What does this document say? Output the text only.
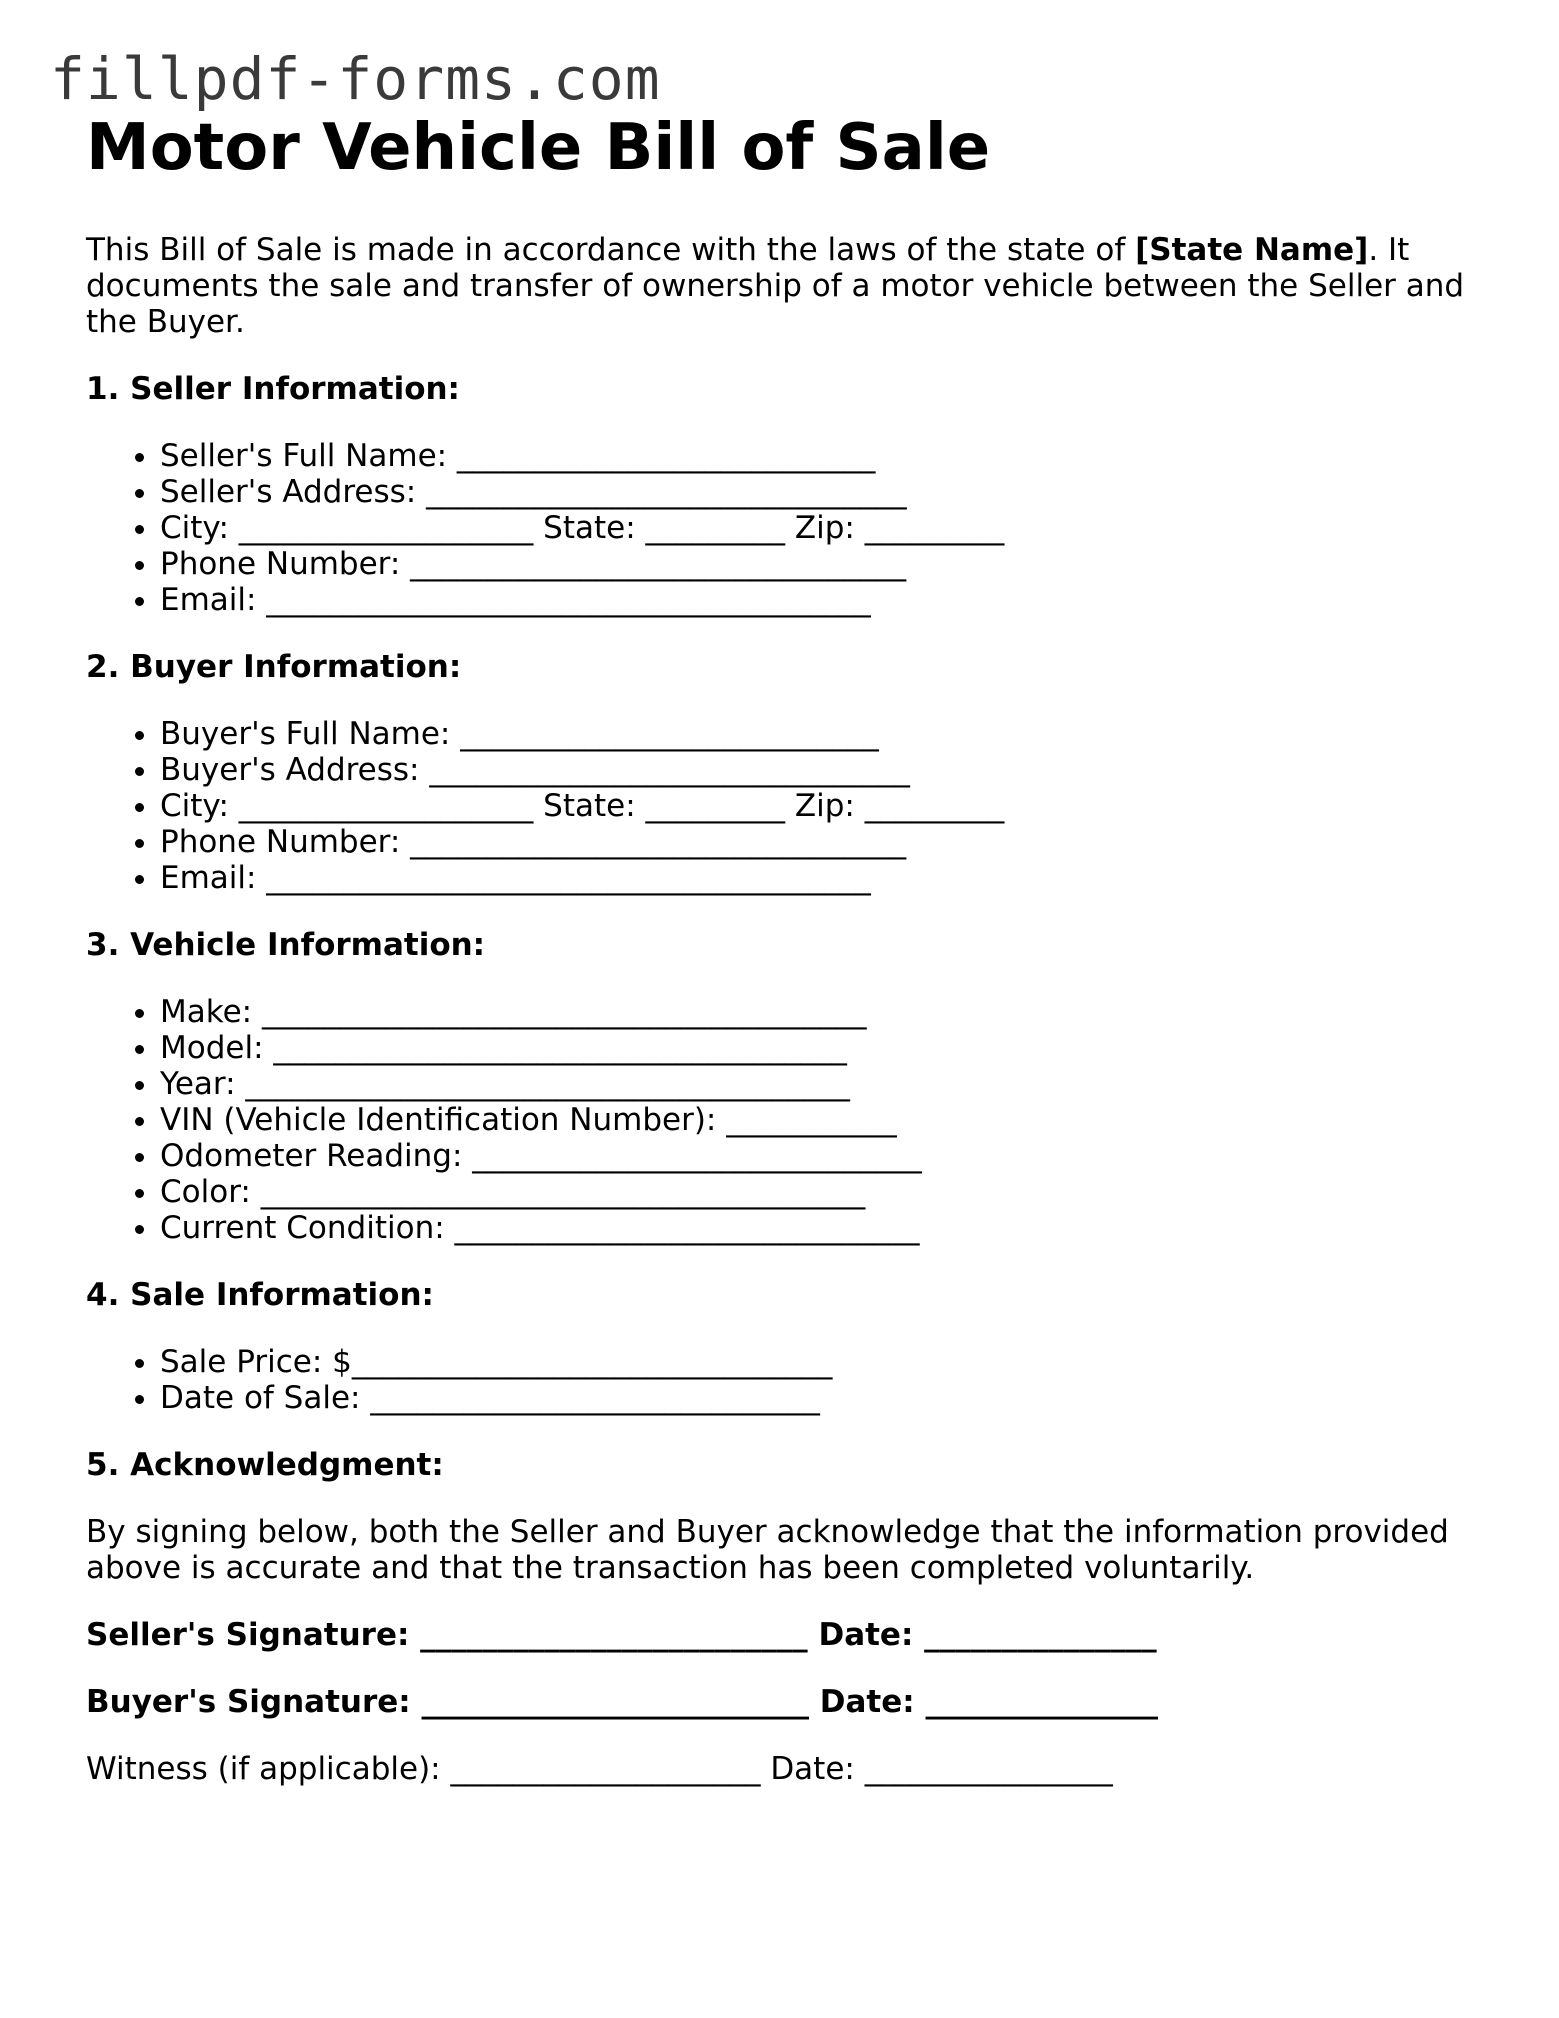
fillpdf-forms.com
Motor Vehicle Bill of Sale

This Bill of Sale is made in accordance with the laws of the state of [State Name]. It documents the sale and transfer of ownership of a motor vehicle between the Seller and the Buyer.

1. Seller Information:
• Seller's Full Name: ___________________________
• Seller's Address: _______________________________
• City: ___________________ State: _________ Zip: _________
• Phone Number: ________________________________
• Email: _______________________________________
2. Buyer Information:
• Buyer's Full Name: ___________________________
• Buyer's Address: _______________________________
• City: ___________________ State: _________ Zip: _________
• Phone Number: ________________________________
• Email: _______________________________________
3. Vehicle Information:
• Make: _______________________________________
• Model: _____________________________________
• Year: _______________________________________
• VIN (Vehicle Identification Number): ___________
• Odometer Reading: _____________________________
• Color: _______________________________________
• Current Condition: ______________________________
4. Sale Information:
• Sale Price: $_______________________________
• Date of Sale: _____________________________
5. Acknowledgment:

By signing below, both the Seller and Buyer acknowledge that the information provided above is accurate and that the transaction has been completed voluntarily.

Seller's Signature: _________________________ Date: _______________
Buyer's Signature: _________________________ Date: _______________
Witness (if applicable): ____________________ Date: ________________
